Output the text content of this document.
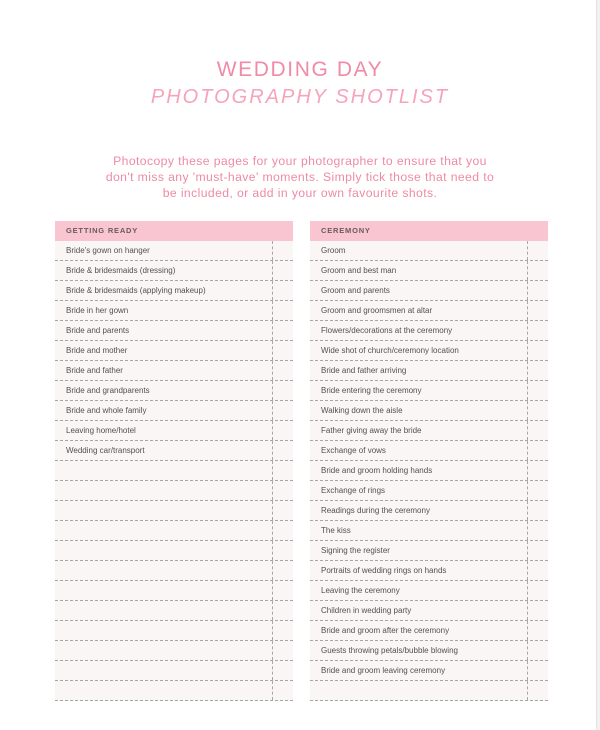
WEDDING DAY
PHOTOGRAPHY SHOTLIST
Photocopy these pages for your photographer to ensure that you
don't miss any 'must-have' moments. Simply tick those that need to
be included, or add in your own favourite shots.
GETTING READY
Bride's gown on hanger
Bride & bridesmaids (dressing)
Bride & bridesmaids (applying makeup)
Bride in her gown
Bride and parents
Bride and mother
Bride and father
Bride and grandparents
Bride and whole family
Leaving home/hotel
Wedding car/transport
CEREMONY
Groom
Groom and best man
Groom and parents
Groom and groomsmen at altar
Flowers/decorations at the ceremony
Wide shot of church/ceremony location
Bride and father arriving
Bride entering the ceremony
Walking down the aisle
Father giving away the bride
Exchange of vows
Bride and groom holding hands
Exchange of rings
Readings during the ceremony
The kiss
Signing the register
Portraits of wedding rings on hands
Leaving the ceremony
Children in wedding party
Bride and groom after the ceremony
Guests throwing petals/bubble blowing
Bride and groom leaving ceremony
